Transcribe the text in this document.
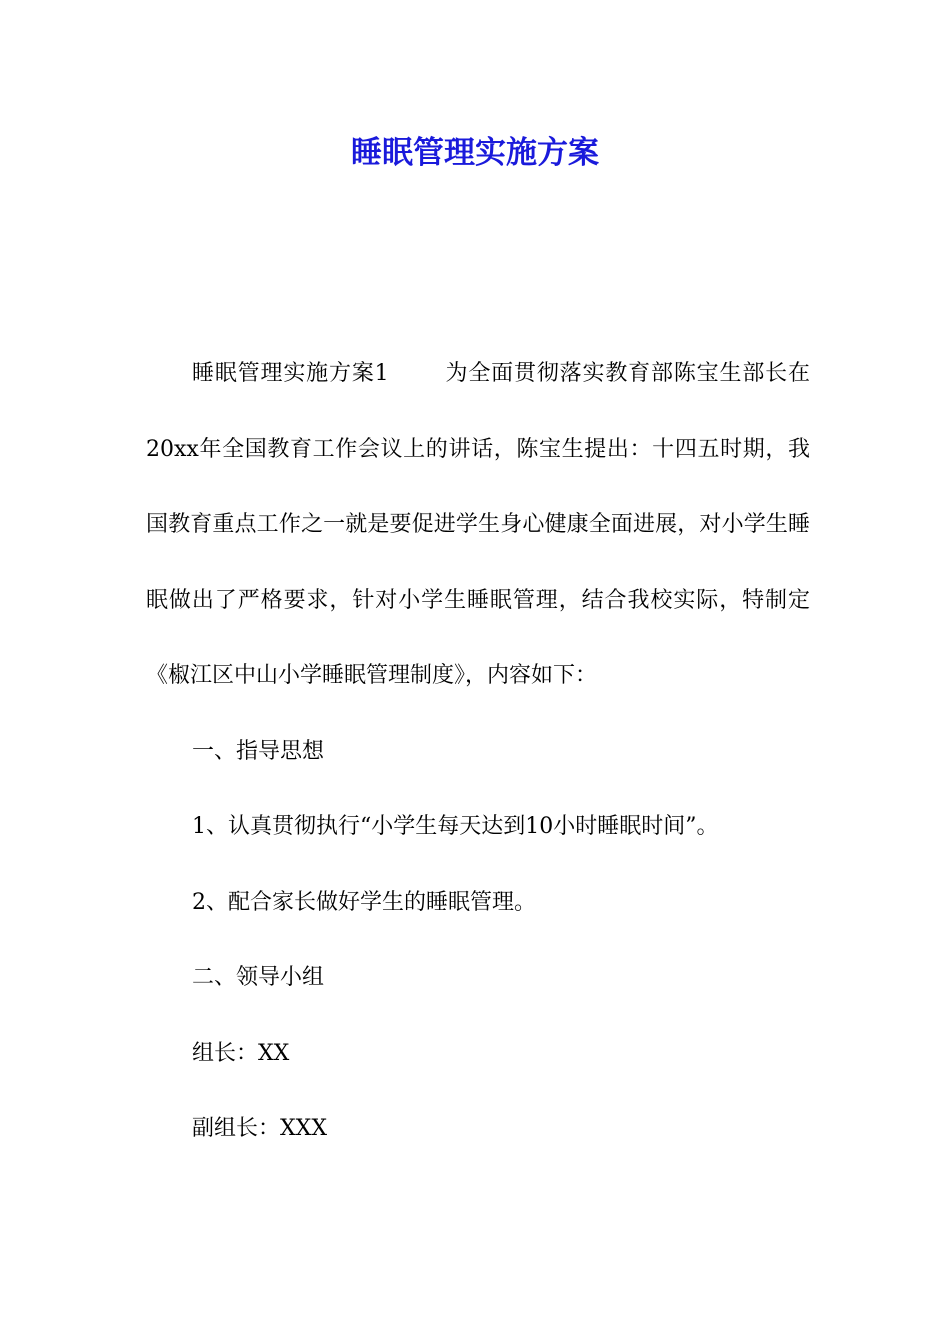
睡眠管理实施方案

睡眠管理实施方案1	为全面贯彻落实教育部陈宝生部长在20xx年全国教育工作会议上的讲话，陈宝生提出：十四五时期，我国教育重点工作之一就是要促进学生身心健康全面进展，对小学生睡眠做出了严格要求，针对小学生睡眠管理，结合我校实际，特制定《椒江区中山小学睡眠管理制度》，内容如下：

一、指导思想

1、认真贯彻执行“小学生每天达到10小时睡眠时间”。

2、配合家长做好学生的睡眠管理。

二、领导小组

组长：XX

副组长：XXX
